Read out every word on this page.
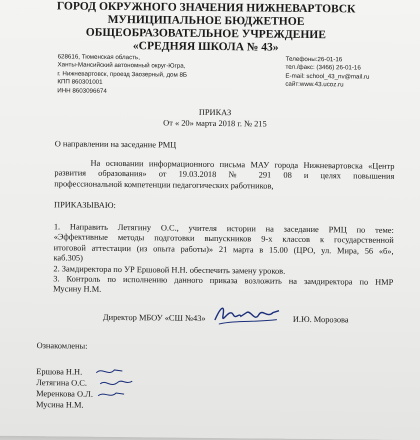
ГОРОД ОКРУЖНОГО ЗНАЧЕНИЯ НИЖНЕВАРТОВСК
МУНИЦИПАЛЬНОЕ БЮДЖЕТНОЕ
ОБЩЕОБРАЗОВАТЕЛЬНОЕ УЧРЕЖДЕНИЕ
«СРЕДНЯЯ ШКОЛА № 43»
628616, Тюменская область,
Ханты-Мансийский автономный округ-Югра,
г. Нижневартовск, проезд Заозерный, дом 8Б
КПП 860301001
ИНН 8603096674
Телефоны:26-01-16
тел./факс: (3466) 26-01-16
E-mail: school_43_nv@mail.ru
сайт:www.43.ucoz.ru
ПРИКАЗ
От « 20» марта 2018 г. № 215
О направлении на заседание РМЦ
На основании информационного письма МАУ города Нижневартовска «Центр
развития образования» от 19.03.2018 № 291 08 и целях повышения
профессиональной компетенции педагогических работников,
ПРИКАЗЫВАЮ:
1. Направить Летягину О.С., учителя истории на заседание РМЦ по теме:
«Эффективные методы подготовки выпускников 9-х классов к государственной
итоговой аттестации (из опыта работы)» 21 марта в 15.00 (ЦРО, ул. Мира, 56 «б»,
каб.305)
2. Замдиректора по УР Ершовой Н.Н. обеспечить замену уроков.
3. Контроль по исполнению данного приказа возложить на замдиректора по НМР
Мусину Н.М.
Директор МБОУ «СШ №43»	И.Ю. Морозова
Ознакомлены:
Ершова Н.Н.
Летягина О.С.
Меренкова О.Л.
Мусина Н.М.
